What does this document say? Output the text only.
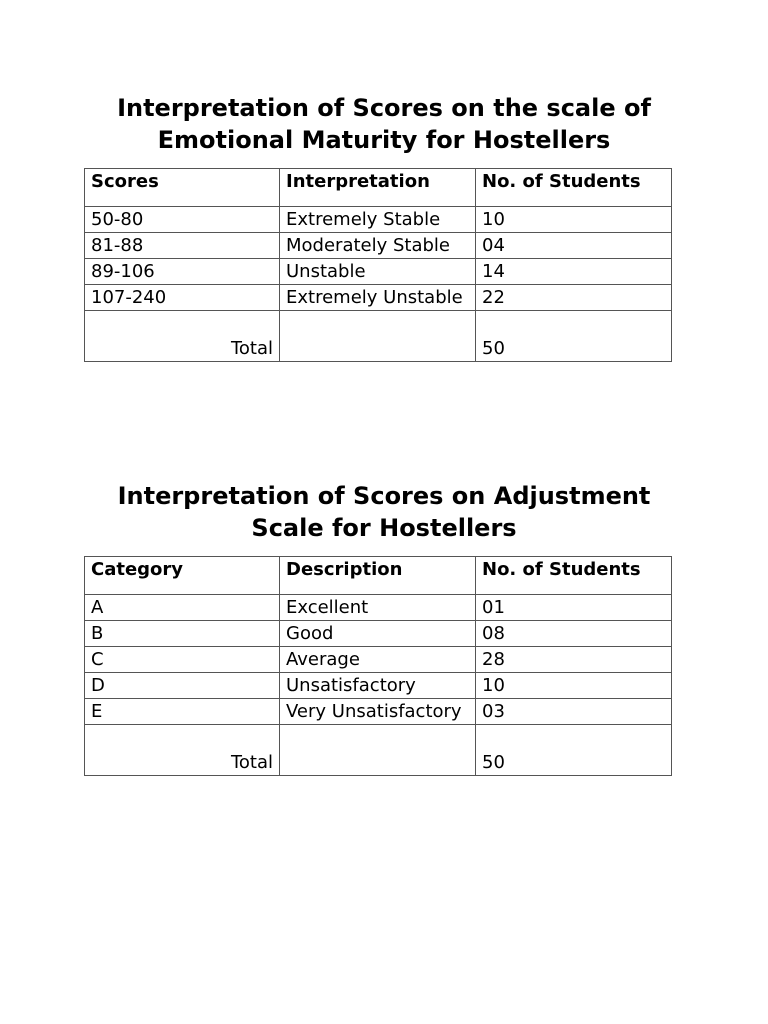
Interpretation of Scores on the scale of
Emotional Maturity for Hostellers
Scores	Interpretation	No. of Students
50-80	Extremely Stable	10
81-88	Moderately Stable	04
89-106	Unstable	14
107-240	Extremely Unstable	22
Total		50
Interpretation of Scores on Adjustment
Scale for Hostellers
Category	Description	No. of Students
A	Excellent	01
B	Good	08
C	Average	28
D	Unsatisfactory	10
E	Very Unsatisfactory	03
Total		50
